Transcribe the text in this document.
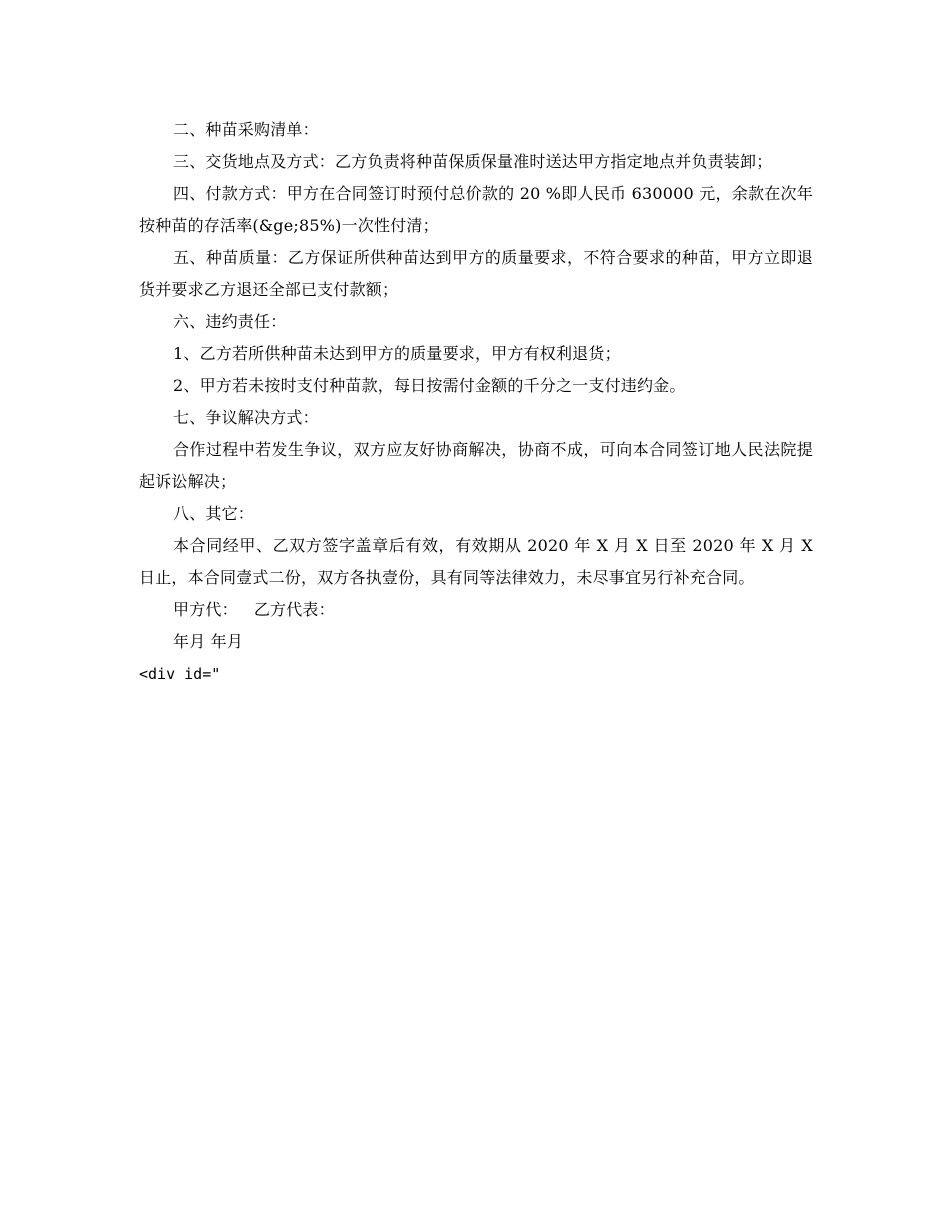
二、种苗采购清单：

三、交货地点及方式：乙方负责将种苗保质保量准时送达甲方指定地点并负责装卸；

四、付款方式：甲方在合同签订时预付总价款的 20 %即人民币 630000 元，余款在次年按种苗的存活率(&ge;85%)一次性付清；

五、种苗质量：乙方保证所供种苗达到甲方的质量要求，不符合要求的种苗，甲方立即退货并要求乙方退还全部已支付款额；

六、违约责任：

1、乙方若所供种苗未达到甲方的质量要求，甲方有权利退货；

2、甲方若未按时支付种苗款，每日按需付金额的千分之一支付违约金。

七、争议解决方式：

合作过程中若发生争议，双方应友好协商解决，协商不成，可向本合同签订地人民法院提起诉讼解决；

八、其它：

本合同经甲、乙双方签字盖章后有效，有效期从 2020 年 X 月 X 日至 2020 年 X 月 X 日止，本合同壹式二份，双方各执壹份，具有同等法律效力，未尽事宜另行补充合同。

甲方代： 乙方代表：

年月 年月

<div id="
